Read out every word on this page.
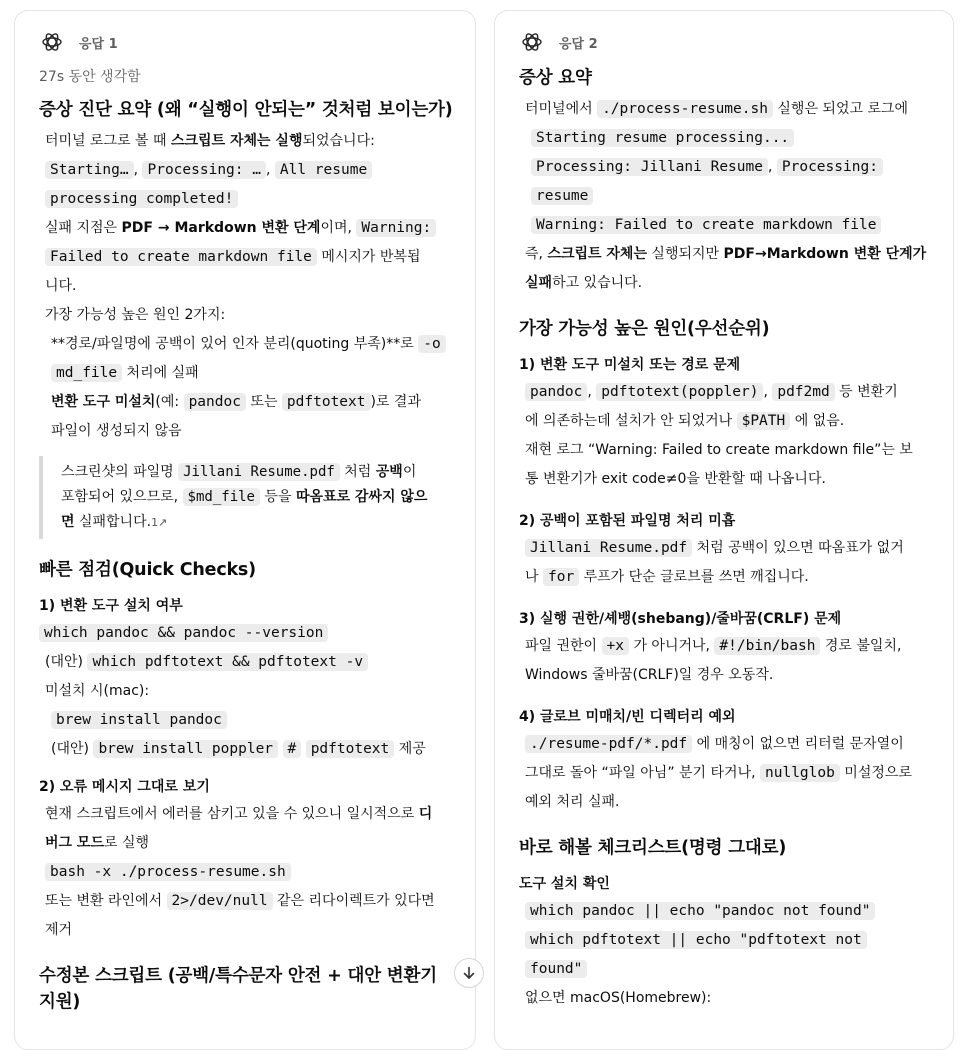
응답 1
27s 동안 생각함
증상 진단 요약 (왜 “실행이 안되는” 것처럼 보이는가)

터미널 로그로 볼 때 스크립트 자체는 실행되었습니다:

Starting… , Processing: … , All resume

processing completed!

실패 지점은 PDF → Markdown 변환 단계이며, Warning:

Failed to create markdown file 메시지가 반복됩

니다.

가장 가능성 높은 원인 2가지:

**경로/파일명에 공백이 있어 인자 분리(quoting 부족)**로 -o

md_file 처리에 실패

변환 도구 미설치(예: pandoc 또는 pdftotext )로 결과

파일이 생성되지 않음

스크린샷의 파일명 Jillani Resume.pdf 처럼 공백이
포함되어 있으므로, $md_file 등을 따옴표로 감싸지 않으
면 실패합니다.1↗
빠른 점검(Quick Checks)
1) 변환 도구 설치 여부

which pandoc && pandoc --version

(대안) which pdftotext && pdftotext -v

미설치 시(mac):

brew install pandoc

(대안) brew install poppler # pdftotext 제공

2) 오류 메시지 그대로 보기

현재 스크립트에서 에러를 삼키고 있을 수 있으니 일시적으로 디

버그 모드로 실행

bash -x ./process-resume.sh

또는 변환 라인에서 2>/dev/null 같은 리다이렉트가 있다면

제거

수정본 스크립트 (공백/특수문자 안전 + 대안 변환기
지원)
응답 2
증상 요약

터미널에서 ./process-resume.sh 실행은 되었고 로그에

Starting resume processing...

Processing: Jillani Resume , Processing:

resume

Warning: Failed to create markdown file

즉, 스크립트 자체는 실행되지만 PDF→Markdown 변환 단계가

실패하고 있습니다.

가장 가능성 높은 원인(우선순위)
1) 변환 도구 미설치 또는 경로 문제

pandoc , pdftotext(poppler) , pdf2md 등 변환기

에 의존하는데 설치가 안 되었거나 $PATH 에 없음.

재현 로그 “Warning: Failed to create markdown file”는 보

통 변환기가 exit code≠0을 반환할 때 나옵니다.

2) 공백이 포함된 파일명 처리 미흡

Jillani Resume.pdf 처럼 공백이 있으면 따옴표가 없거

나 for 루프가 단순 글로브를 쓰면 깨집니다.

3) 실행 권한/셰뱅(shebang)/줄바꿈(CRLF) 문제

파일 권한이 +x 가 아니거나, #!/bin/bash 경로 불일치,

Windows 줄바꿈(CRLF)일 경우 오동작.

4) 글로브 미매치/빈 디렉터리 예외

./resume-pdf/*.pdf 에 매칭이 없으면 리터럴 문자열이

그대로 돌아 “파일 아님” 분기 타거나, nullglob 미설정으로

예외 처리 실패.

바로 해볼 체크리스트(명령 그대로)
도구 설치 확인

which pandoc || echo "pandoc not found"

which pdftotext || echo "pdftotext not

found"

없으면 macOS(Homebrew):
